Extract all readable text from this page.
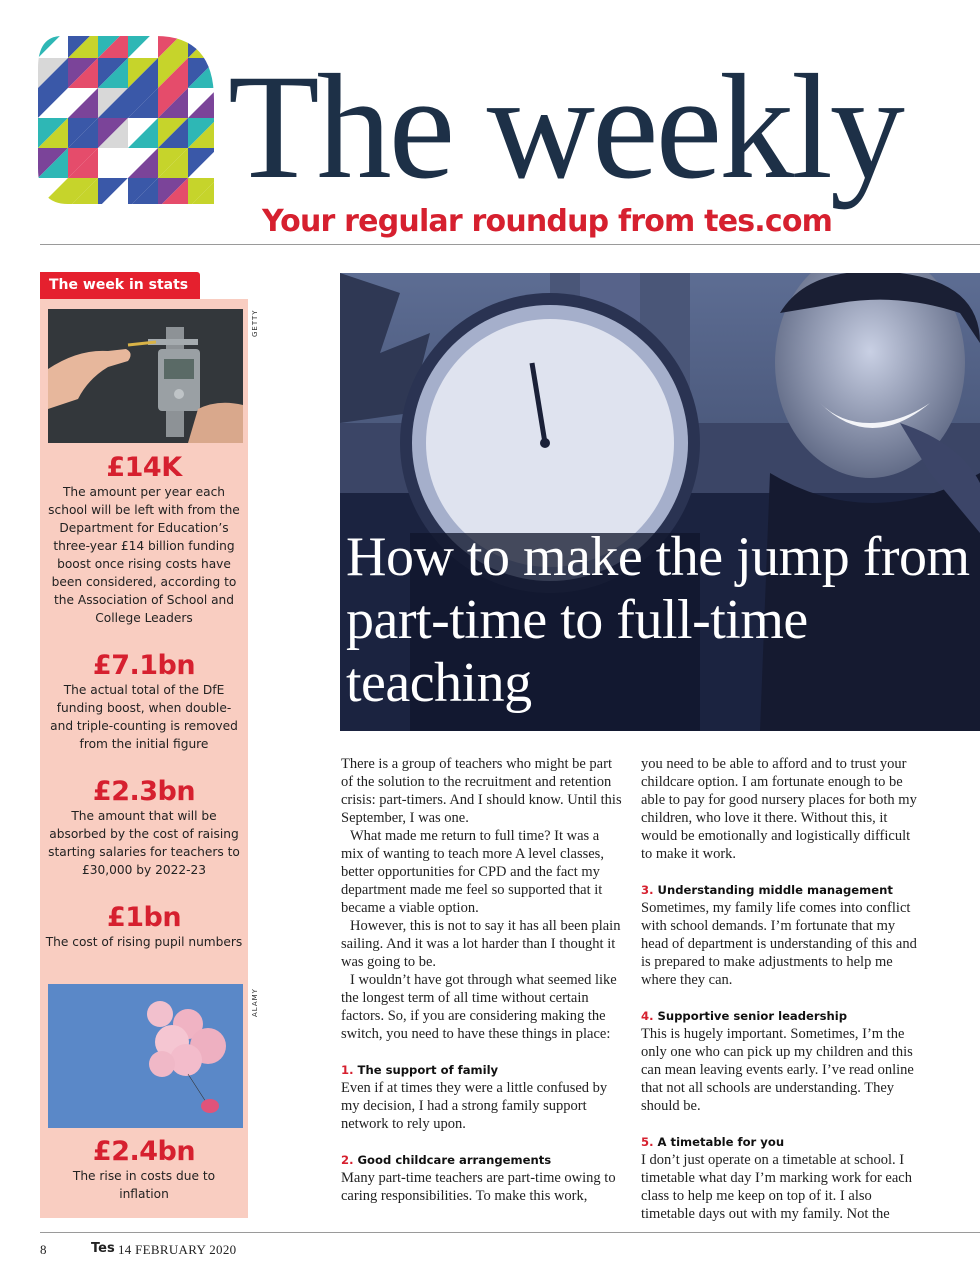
The weekly
Your regular roundup from tes.com
The week in stats
GETTY
£14K
The amount per year each school will be left with from the Department for Education’s three-year £14 billion funding boost once rising costs have been considered, according to the Association of School and College Leaders
£7.1bn
The actual total of the DfE funding boost, when double- and triple-counting is removed from the initial figure
£2.3bn
The amount that will be absorbed by the cost of raising starting salaries for teachers to £30,000 by 2022-23
£1bn
The cost of rising pupil numbers
ALAMY
£2.4bn
The rise in costs due to inflation
How to make the jump from part-time to full-time teaching

There is a group of teachers who might be part of the solution to the recruitment and retention crisis: part-timers. And I should know. Until this September, I was one.

What made me return to full time? It was a mix of wanting to teach more A level classes, better opportunities for CPD and the fact my department made me feel so supported that it became a viable option.

However, this is not to say it has all been plain sailing. And it was a lot harder than I thought it was going to be.

I wouldn’t have got through what seemed like the longest term of all time without certain factors. So, if you are considering making the switch, you need to have these things in place:

1. The support of family

Even if at times they were a little confused by my decision, I had a strong family support network to rely upon.

2. Good childcare arrangements

Many part-time teachers are part-time owing to caring responsibilities. To make this work,

you need to be able to afford and to trust your childcare option. I am fortunate enough to be able to pay for good nursery places for both my children, who love it there. Without this, it would be emotionally and logistically difficult to make it work.

3. Understanding middle management

Sometimes, my family life comes into conflict with school demands. I’m fortunate that my head of department is understanding of this and is prepared to make adjustments to help me where they can.

4. Supportive senior leadership

This is hugely important. Sometimes, I’m the only one who can pick up my children and this can mean leaving events early. I’ve read online that not all schools are understanding. They should be.

5. A timetable for you

I don’t just operate on a timetable at school. I timetable what day I’m marking work for each class to help me keep on top of it. I also timetable days out with my family. Not the

8	Tes 14 FEBRUARY 2020
